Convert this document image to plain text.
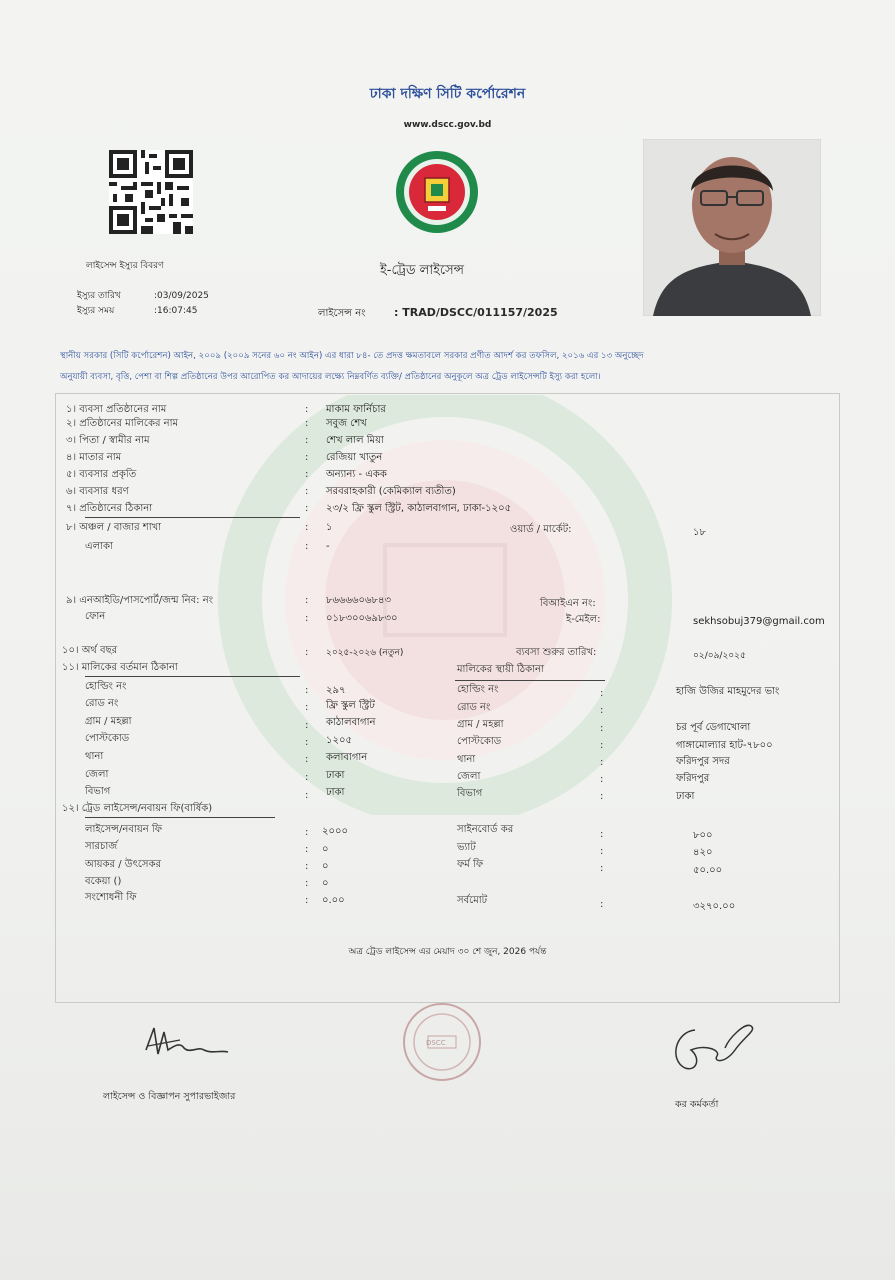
ঢাকা দক্ষিণ সিটি কর্পোরেশন
www.dscc.gov.bd
ই-ট্রেড লাইসেন্স
লাইসেন্স ইস্যুর বিবরণ
ইস্যুর তারিখ	:03/09/2025
ইস্যুর সময়	:16:07:45	লাইসেন্স নং	: TRAD/DSCC/011157/2025
স্থানীয় সরকার (সিটি কর্পোরেশন) আইন, ২০০৯ (২০০৯ সনের ৬০ নং আইন) এর ধারা ৮৪- তে প্রদত্ত ক্ষমতাবলে সরকার প্রণীত আদর্শ কর তফসিল, ২০১৬ এর ১৩ অনুচ্ছেদ
অনুযায়ী ব্যবসা, বৃত্তি, পেশা বা শিল্প প্রতিষ্ঠানের উপর আরোপিত কর আদায়ের লক্ষ্যে নিম্নবর্ণিত ব্যক্তি/ প্রতিষ্ঠানের অনুকূলে অত্র ট্রেড লাইসেন্সটি ইস্যু করা হলো।
১। ব্যবসা প্রতিষ্ঠানের নাম	: মাকাম ফার্নিচার
২। প্রতিষ্ঠানের মালিকের নাম	: সবুজ শেখ
৩। পিতা / স্বামীর নাম	: শেখ লাল মিয়া
৪। মাতার নাম	: রেজিয়া খাতুন
৫। ব্যবসার প্রকৃতি	: অন্যান্য - একক
৬। ব্যবসার ধরণ	: সরবরাহকারী (কেমিক্যাল ব্যতীত)
৭। প্রতিষ্ঠানের ঠিকানা	: ২৩/২ ফ্রি স্কুল স্ট্রিট, কাঠালবাগান, ঢাকা-১২০৫
৮। অঞ্চল / বাজার শাখা	: ১	ওয়ার্ড / মার্কেট:	১৮
এলাকা	: -
৯। এনআইডি/পাসপোর্ট/জন্ম নিব: নং	: ৮৬৬৬৬০৬৮৪৩	বিআইএন নং:
ফোন	: ০১৮৩০০৬৯৮৩০	ই-মেইল:	sekhsobuj379@gmail.com
১০। অর্থ বছর	: ২০২৫-২০২৬ (নতুন)	ব্যবসা শুরুর তারিখ:	০২/০৯/২০২৫
১১। মালিকের বর্তমান ঠিকানা	মালিকের স্থায়ী ঠিকানা
হোল্ডিং নং	: ২৯৭	হোল্ডিং নং	:	হাজি উজির মাহমুদের ভাং
রোড নং	: ফ্রি স্কুল স্ট্রিট	রোড নং	:
গ্রাম / মহল্লা	: কাঠালবাগান	গ্রাম / মহল্লা	:	চর পূর্ব ডেগাখোলা
পোস্টকোড	: ১২০৫	পোস্টকোড	:	গাঙ্গামোল্যার হাট-৭৮০০
থানা	: কলাবাগান	থানা	:	ফরিদপুর সদর
জেলা	: ঢাকা	জেলা	:	ফরিদপুর
বিভাগ	: ঢাকা	বিভাগ	:	ঢাকা
১২। ট্রেড লাইসেন্স/নবায়ন ফি(বার্ষিক)
লাইসেন্স/নবায়ন ফি	: ২০০০	সাইনবোর্ড কর	:	৮০০
সারচার্জ	: ০	ভ্যাট	:	৪২০
আয়কর / উৎসেকর	: ০	ফর্ম ফি	:	৫০.০০
বকেয়া ()	: ০
সংশোধনী ফি	: ০.০০	সর্বমোট	:	৩২৭০.০০
অত্র ট্রেড লাইসেন্স এর মেয়াদ ৩০ শে জুন, 2026 পর্যন্ত
DSCC
লাইসেন্স ও বিজ্ঞাপন সুপারভাইজার
কর কর্মকর্তা
